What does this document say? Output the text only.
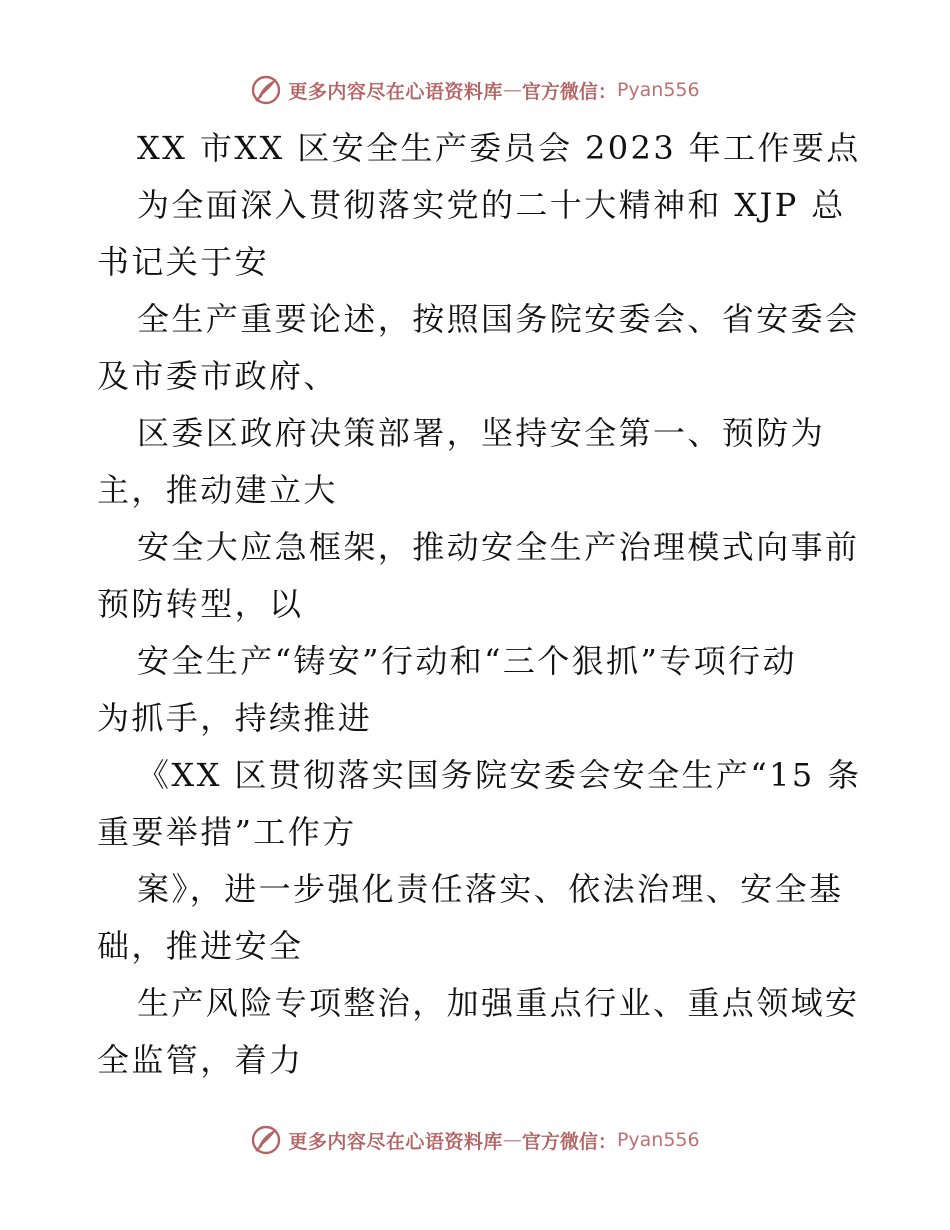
更多内容尽在心语资料库 — 官方微信： Pyan556

XX 市XX 区安全生产委员会 2023 年工作要点

为全面深入贯彻落实党的二十大精神和 XJP 总

书记关于安

全生产重要论述，按照国务院安委会、省安委会

及市委市政府、

区委区政府决策部署，坚持安全第一、预防为

主，推动建立大

安全大应急框架，推动安全生产治理模式向事前

预防转型，以

安全生产“铸安”行动和“三个狠抓”专项行动

为抓手，持续推进

《XX 区贯彻落实国务院安委会安全生产“15 条

重要举措”工作方

案》，进一步强化责任落实、依法治理、安全基

础，推进安全

生产风险专项整治，加强重点行业、重点领域安

全监管，着力

更多内容尽在心语资料库 — 官方微信： Pyan556
